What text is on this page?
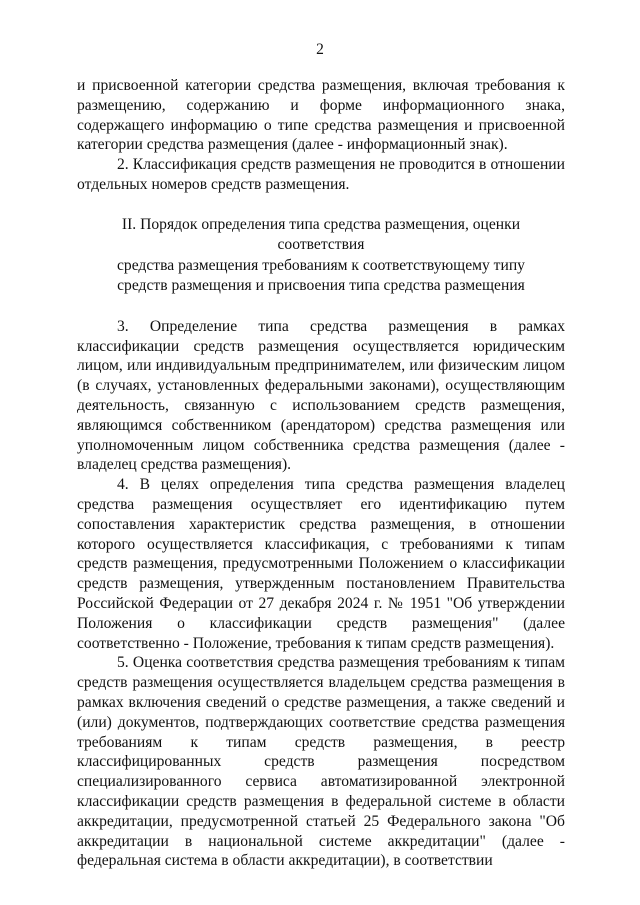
2

и присвоенной категории средства размещения, включая требования к размещению, содержанию и форме информационного знака, содержащего информацию о типе средства размещения и присвоенной категории средства размещения (далее - информационный знак).

2. Классификация средств размещения не проводится в отношении отдельных номеров средств размещения.

II. Порядок определения типа средства размещения, оценки соответствия
средства размещения требованиям к соответствующему типу
средств размещения и присвоения типа средства размещения

3. Определение типа средства размещения в рамках классификации средств размещения осуществляется юридическим лицом, или индивидуальным предпринимателем, или физическим лицом (в случаях, установленных федеральными законами), осуществляющим деятельность, связанную с использованием средств размещения, являющимся собственником (арендатором) средства размещения или уполномоченным лицом собственника средства размещения (далее - владелец средства размещения).

4. В целях определения типа средства размещения владелец средства размещения осуществляет его идентификацию путем сопоставления характеристик средства размещения, в отношении которого осуществляется классификация, с требованиями к типам средств размещения, предусмотренными Положением о классификации средств размещения, утвержденным постановлением Правительства Российской Федерации от 27 декабря 2024 г. № 1951 "Об утверждении Положения о классификации средств размещения" (далее соответственно - Положение, требования к типам средств размещения).

5. Оценка соответствия средства размещения требованиям к типам средств размещения осуществляется владельцем средства размещения в рамках включения сведений о средстве размещения, а также сведений и (или) документов, подтверждающих соответствие средства размещения требованиям к типам средств размещения, в реестр классифицированных средств размещения посредством специализированного сервиса автоматизированной электронной классификации средств размещения в федеральной системе в области аккредитации, предусмотренной статьей 25 Федерального закона "Об аккредитации в национальной системе аккредитации" (далее - федеральная система в области аккредитации), в соответствии
